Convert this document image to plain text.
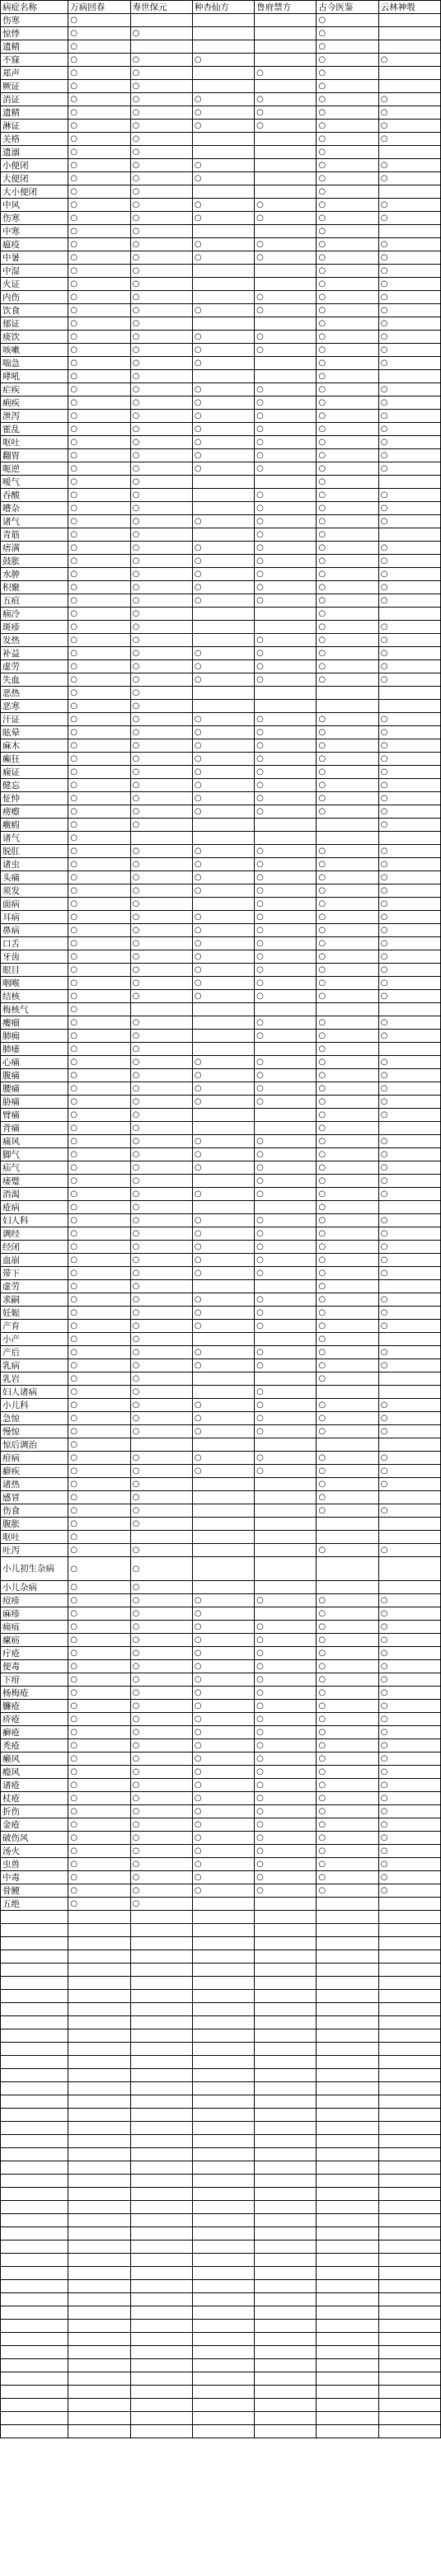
病症名称	万病回春	寿世保元	种杏仙方	鲁府禁方	古今医鉴	云林神彀
伤寒	○				○	
惊悸	○	○			○	
遗精	○				○	
不寐	○	○	○		○	○
郑声	○	○		○	○	
厥证	○	○			○	
消证	○	○	○	○	○	○
遗精	○	○	○	○	○	○
淋证	○	○	○	○	○	○
关格	○	○			○	○
遗溺	○	○			○	
小便闭	○	○	○		○	○
大便闭	○	○	○		○	○
大小便闭	○	○			○	
中风	○	○	○	○	○	○
伤寒	○	○	○	○	○	○
中寒	○	○			○	
瘟疫	○	○	○	○	○	○
中暑	○	○	○	○	○	○
中湿	○	○			○	○
火证	○	○			○	○
内伤	○	○		○	○	○
饮食	○	○	○	○	○	○
郁证	○	○			○	○
痰饮	○	○	○	○	○	○
咳嗽	○	○	○	○	○	○
喘急	○	○	○		○	○
哮吼	○	○			○	
疟疾	○	○	○	○	○	○
痢疾	○	○	○	○	○	○
泄泻	○	○	○	○	○	○
霍乱	○	○	○	○	○	○
呕吐	○	○	○	○	○	○
翻胃	○	○	○	○	○	○
呃逆	○	○	○	○	○	○
嗳气	○	○			○	
吞酸	○	○		○	○	○
嘈杂	○	○		○	○	○
诸气	○	○	○	○	○	○
青筋	○	○		○	○	
痞满	○	○	○	○	○	○
鼓胀	○	○	○	○	○	○
水肿	○	○	○	○	○	○
积聚	○	○	○	○	○	○
五疸	○	○	○	○	○	○
痼冷	○	○			○	
斑疹	○	○			○	○
发热	○	○		○	○	○
补益	○	○	○	○	○	○
虚劳	○	○	○	○	○	○
失血	○	○	○	○	○	○
恶热	○	○				
恶寒	○	○				
汗证	○	○	○	○	○	○
眩晕	○	○	○	○	○	○
麻木	○	○	○	○	○	○
癫狂	○	○	○	○	○	○
痫证	○	○	○	○	○	○
健忘	○	○	○	○	○	○
怔忡	○	○	○	○	○	○
痨瘵	○	○	○	○	○	○
癥瘕	○	○				○
诸气	○					
脱肛	○	○	○	○	○	○
诸虫	○	○	○	○	○	○
头痛	○	○	○	○	○	○
须发	○	○	○	○	○	○
面病	○	○		○	○	○
耳病	○	○	○	○	○	○
鼻病	○	○	○	○	○	○
口舌	○	○	○	○	○	○
牙齿	○	○	○	○	○	○
眼目	○	○	○	○	○	○
咽喉	○	○	○	○	○	○
结核	○	○	○	○	○	○
梅核气	○					
瘿瘤	○	○		○	○	○
肺痈	○	○		○	○	○
肺痿	○	○			○	
心痛	○	○	○	○	○	○
腹痛	○	○	○	○	○	○
腰痛	○	○	○	○	○	○
胁痛	○	○	○	○	○	○
臂痛	○	○			○	○
背痛	○	○			○	
痛风	○	○	○	○	○	○
脚气	○	○	○	○	○	○
疝气	○	○	○	○	○	○
痿躄	○	○		○	○	○
消渴	○	○	○	○	○	○
疮病	○	○			○	
妇人科	○	○	○	○	○	○
调经	○	○	○	○	○	○
经闭	○	○	○	○	○	○
血崩	○	○	○	○	○	○
带下	○	○	○	○	○	○
虚劳	○	○			○	
求嗣	○	○	○	○	○	○
妊娠	○	○	○	○	○	○
产育	○	○	○	○	○	○
小产	○	○			○	
产后	○	○	○	○	○	○
乳病	○	○	○	○	○	○
乳岩	○	○			○	
妇人诸病	○	○		○		
小儿科	○	○	○	○	○	○
急惊	○	○	○	○	○	○
慢惊	○	○	○	○	○	○
惊后调治	○					
疳病	○	○	○	○	○	○
癖疾	○	○	○	○	○	○
诸热	○	○			○	○
感冒	○	○			○	
伤食	○	○			○	○
腹胀	○	○				
呕吐	○					
吐泻	○	○			○	○
小儿初生杂病	○	○				
小儿杂病	○	○				
痘疹	○	○	○	○	○	○
麻疹	○	○	○		○	○
痈疽	○	○	○	○	○	○
瘰疬	○	○	○	○	○	○
疔疮	○	○	○	○	○	○
便毒	○	○	○	○	○	○
下疳	○	○	○	○	○	○
杨梅疮	○	○	○	○	○	○
臁疮	○	○	○	○	○	○
疥疮	○	○	○	○	○	○
癣疮	○	○	○	○	○	○
秃疮	○	○	○	○	○	○
癞风	○	○	○	○	○	○
瘾风	○	○	○	○	○	○
诸疮	○	○	○	○	○	○
杖疮	○	○	○	○	○	○
折伤	○	○	○	○	○	○
金疮	○	○	○	○	○	○
破伤风	○	○	○	○	○	○
汤火	○	○	○	○	○	○
虫兽	○	○	○	○	○	○
中毒	○	○	○	○	○	○
骨鲠	○	○	○	○	○	○
五绝	○	○				
